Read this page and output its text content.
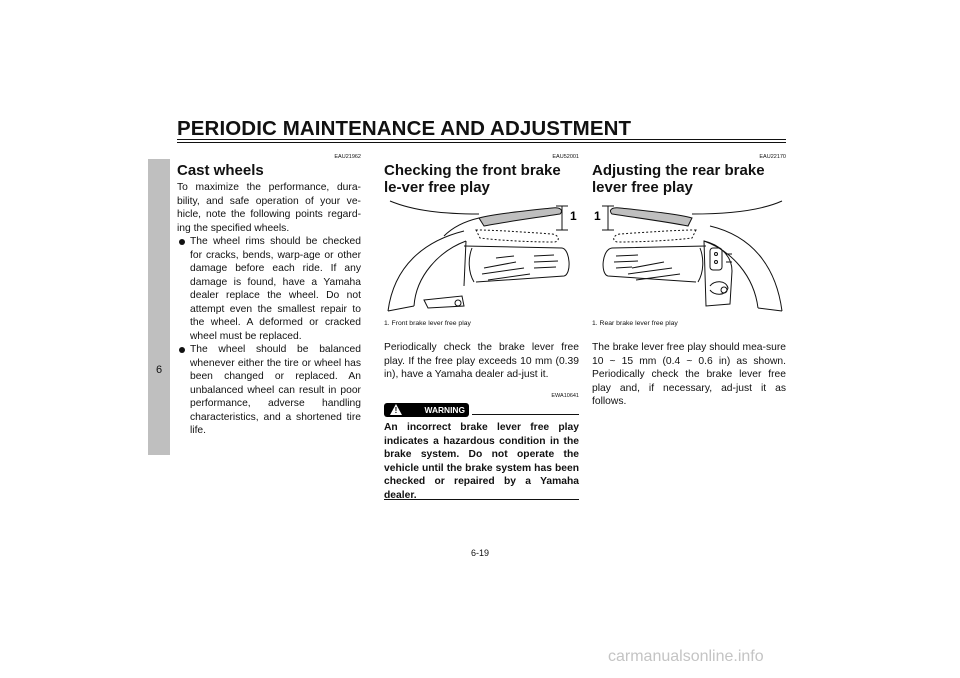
PERIODIC MAINTENANCE AND ADJUSTMENT
6
EAU21962
Cast wheels
To maximize the performance, dura-bility, and safe operation of your ve-hicle, note the following points regard-ing the specified wheels.
The wheel rims should be checked for cracks, bends, warp-age or other damage before each ride. If any damage is found, have a Yamaha dealer replace the wheel. Do not attempt even the smallest repair to the wheel. A deformed or cracked wheel must be replaced.
The wheel should be balanced whenever either the tire or wheel has been changed or replaced. An unbalanced wheel can result in poor performance, adverse handling characteristics, and a shortened tire life.
EAU52001
Checking the front brake le-ver free play
1
1. Front brake lever free play
Periodically check the brake lever free play. If the free play exceeds 10 mm (0.39 in), have a Yamaha dealer ad-just it.
EWA10641
WARNING
!
An incorrect brake lever free play indicates a hazardous condition in the brake system. Do not operate the vehicle until the brake system has been checked or repaired by a Yamaha dealer.
EAU22170
Adjusting the rear brake lever free play
1
1. Rear brake lever free play
The brake lever free play should mea-sure 10 ~ 15 mm (0.4 ~ 0.6 in) as shown. Periodically check the brake lever free play and, if necessary, ad-just it as follows.
6-19
carmanualsonline.info
